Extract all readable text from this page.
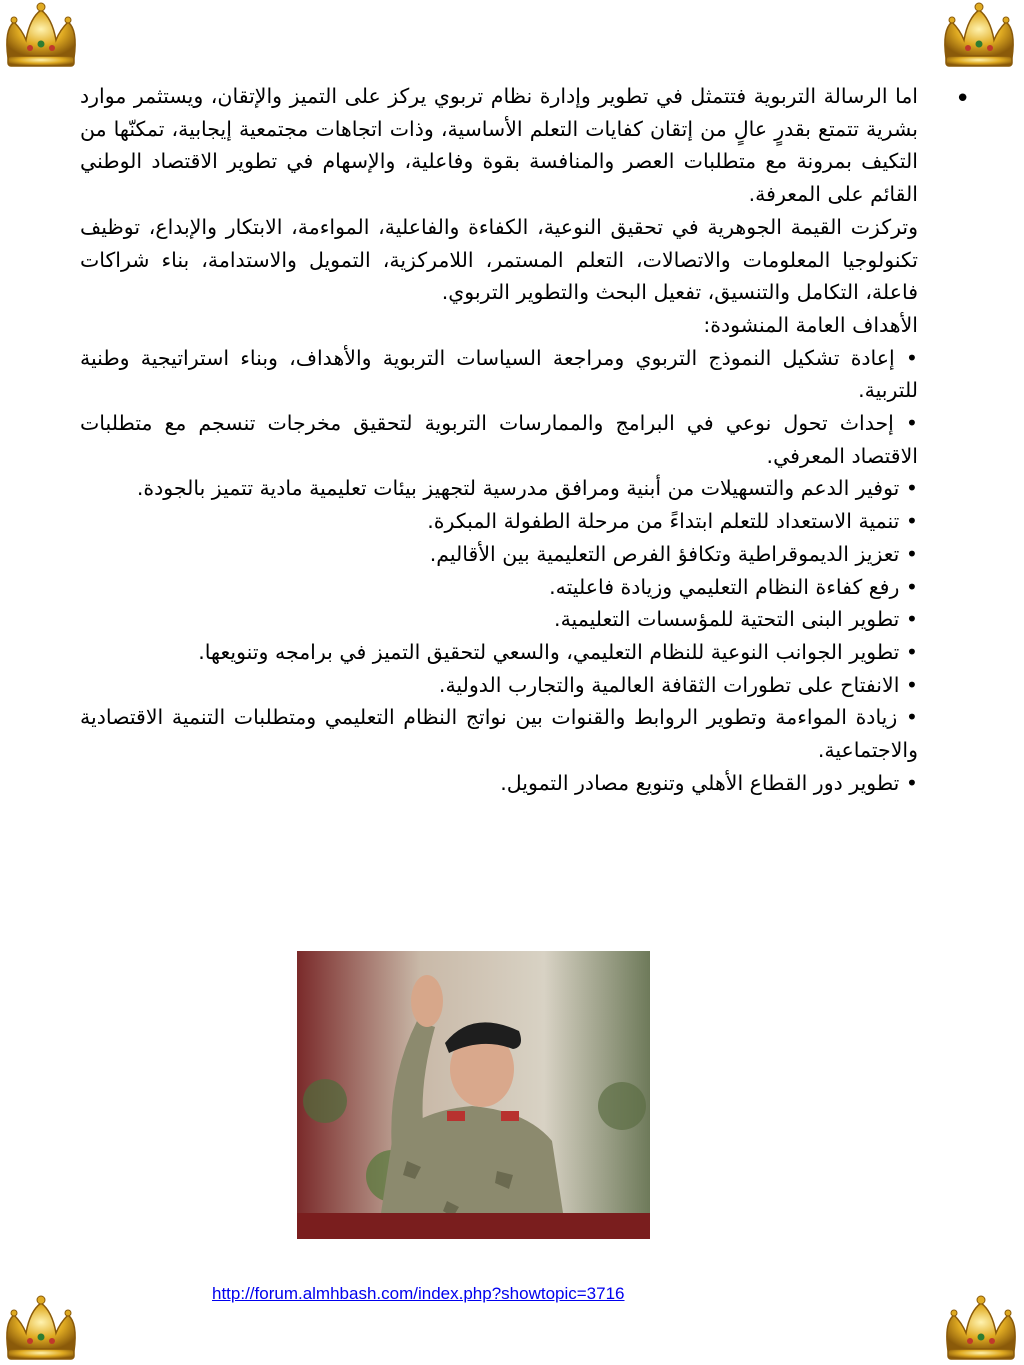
•

اما الرسالة التربوية فتتمثل في تطوير وإدارة نظام تربوي يركز على التميز والإتقان، ويستثمر موارد بشرية تتمتع بقدرٍ عالٍ من إتقان كفايات التعلم الأساسية، وذات اتجاهات مجتمعية إيجابية، تمكنّها من التكيف بمرونة مع متطلبات العصر والمنافسة بقوة وفاعلية، والإسهام في تطوير الاقتصاد الوطني القائم على المعرفة.

وتركزت القيمة الجوهرية في تحقيق النوعية، الكفاءة والفاعلية، المواءمة، الابتكار والإبداع، توظيف تكنولوجيا المعلومات والاتصالات، التعلم المستمر، اللامركزية، التمويل والاستدامة، بناء شراكات فاعلة، التكامل والتنسيق، تفعيل البحث والتطوير التربوي.

الأهداف العامة المنشودة:

• إعادة تشكيل النموذج التربوي ومراجعة السياسات التربوية والأهداف، وبناء استراتيجية وطنية للتربية.

• إحداث تحول نوعي في البرامج والممارسات التربوية لتحقيق مخرجات تنسجم مع متطلبات الاقتصاد المعرفي.

• توفير الدعم والتسهيلات من أبنية ومرافق مدرسية لتجهيز بيئات تعليمية مادية تتميز بالجودة.

• تنمية الاستعداد للتعلم ابتداءً من مرحلة الطفولة المبكرة.

• تعزيز الديموقراطية وتكافؤ الفرص التعليمية بين الأقاليم.

• رفع كفاءة النظام التعليمي وزيادة فاعليته.

• تطوير البنى التحتية للمؤسسات التعليمية.

• تطوير الجوانب النوعية للنظام التعليمي، والسعي لتحقيق التميز في برامجه وتنويعها.

• الانفتاح على تطورات الثقافة العالمية والتجارب الدولية.

• زيادة المواءمة وتطوير الروابط والقنوات بين نواتج النظام التعليمي ومتطلبات التنمية الاقتصادية والاجتماعية.

• تطوير دور القطاع الأهلي وتنويع مصادر التمويل.

http://forum.almhbash.com/index.php?showtopic=3716
